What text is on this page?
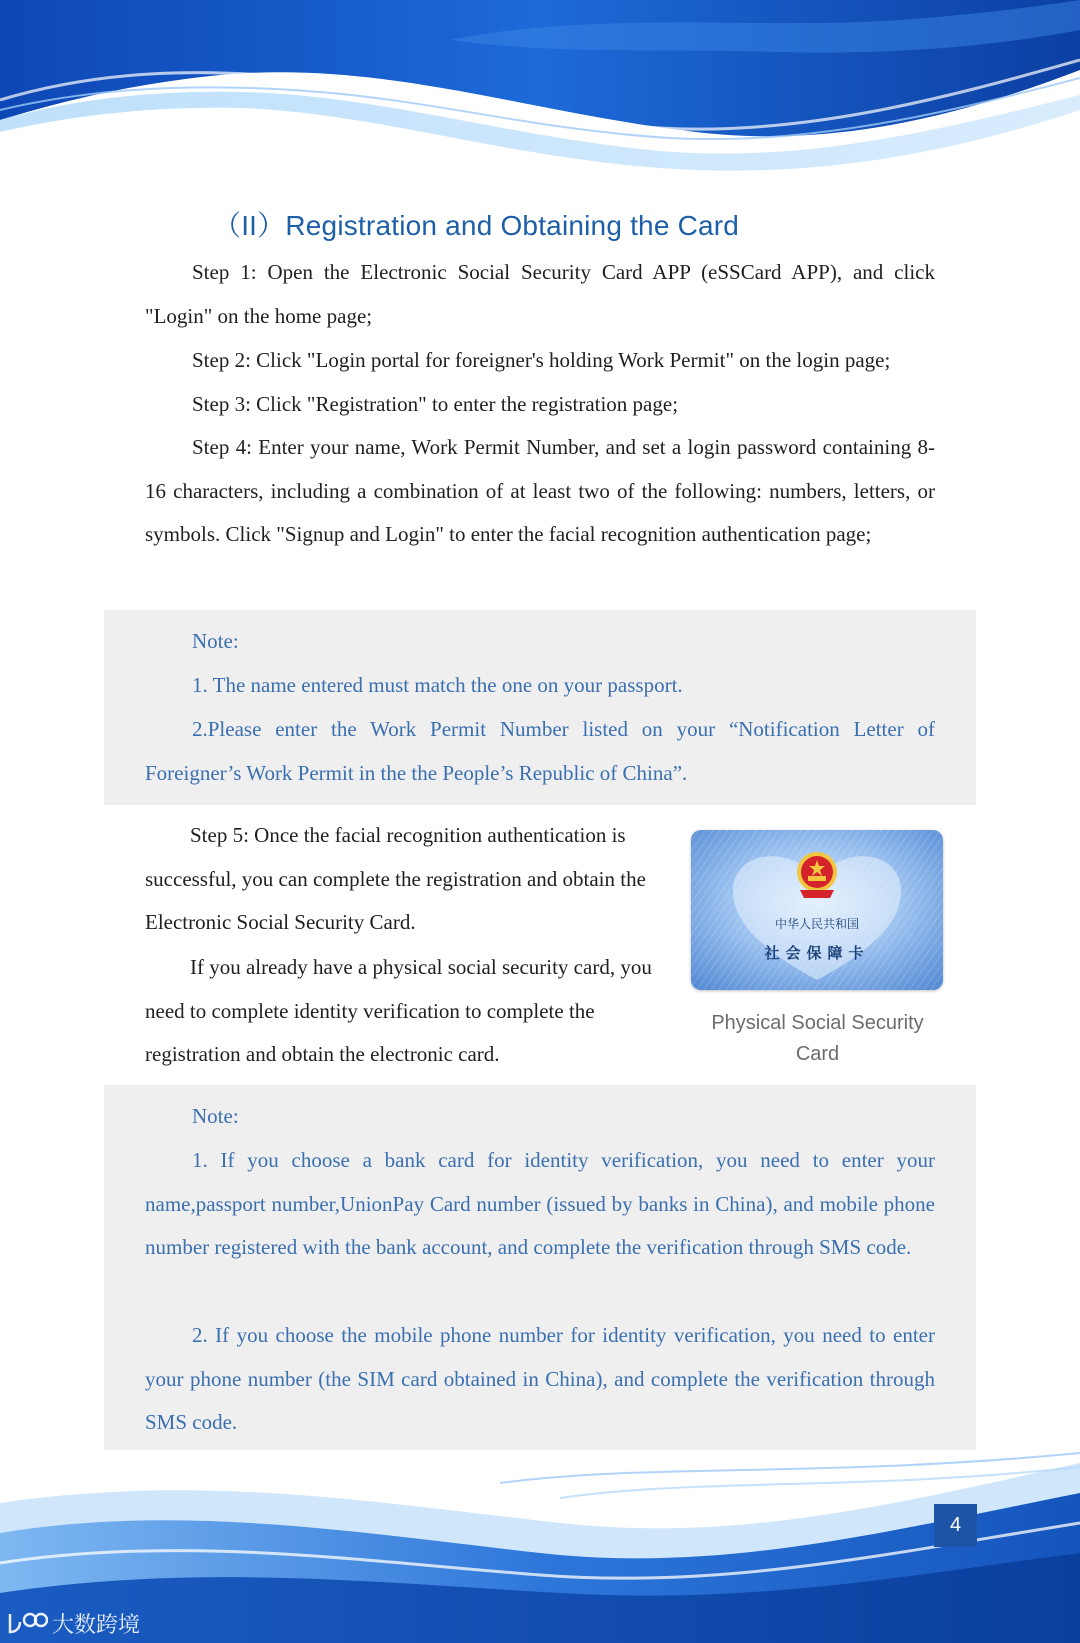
（II）Registration and Obtaining the Card

Step 1: Open the Electronic Social Security Card APP (eSSCard APP), and click "Login" on the home page;

Step 2: Click "Login portal for foreigner's holding Work Permit" on the login page;

Step 3: Click "Registration" to enter the registration page;

Step 4: Enter your name, Work Permit Number, and set a login password containing 8-16 characters, including a combination of at least two of the following: numbers, letters, or symbols. Click "Signup and Login" to enter the facial recognition authentication page;

Note:

1. The name entered must match the one on your passport.

2.Please enter the Work Permit Number listed on your “Notification Letter of Foreigner’s Work Permit in the the People’s Republic of China”.

Step 5: Once the facial recognition authentication is successful, you can complete the registration and obtain the Electronic Social Security Card.

If you already have a physical social security card, you need to complete identity verification to complete the registration and obtain the electronic card.

中华人民共和国
社会保障卡

Physical Social Security Card

Note:

1. If you choose a bank card for identity verification, you need to enter your name,passport number,UnionPay Card number (issued by banks in China), and mobile phone number registered with the bank account, and complete the verification through SMS code.

2. If you choose the mobile phone number for identity verification, you need to enter your phone number (the SIM card obtained in China), and complete the verification through SMS code.

4
大数跨境
